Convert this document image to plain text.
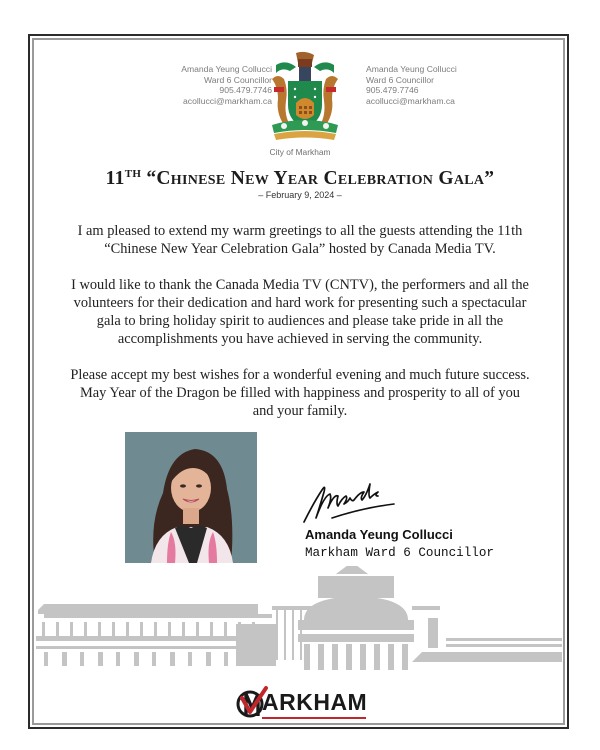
Amanda Yeung Collucci
Ward 6 Councillor
905.479.7746
acollucci@markham.ca
Amanda Yeung Collucci
Ward 6 Councillor
905.479.7746
acollucci@markham.ca
City of Markham
11TH “Chinese New Year Celebration Gala”
– February 9, 2024 –

I am pleased to extend my warm greetings to all the guests attending the 11th “Chinese New Year Celebration Gala” hosted by Canada Media TV.

I would like to thank the Canada Media TV (CNTV), the performers and all the volunteers for their dedication and hard work for presenting such a spectacular gala to bring holiday spirit to audiences and please take pride in all the accomplishments you have achieved in serving the community.

Please accept my best wishes for a wonderful evening and much future success. May Year of the Dragon be filled with happiness and prosperity to all of you and your family.

Amanda Yeung Collucci
Markham Ward 6 Councillor
ARKHAM
